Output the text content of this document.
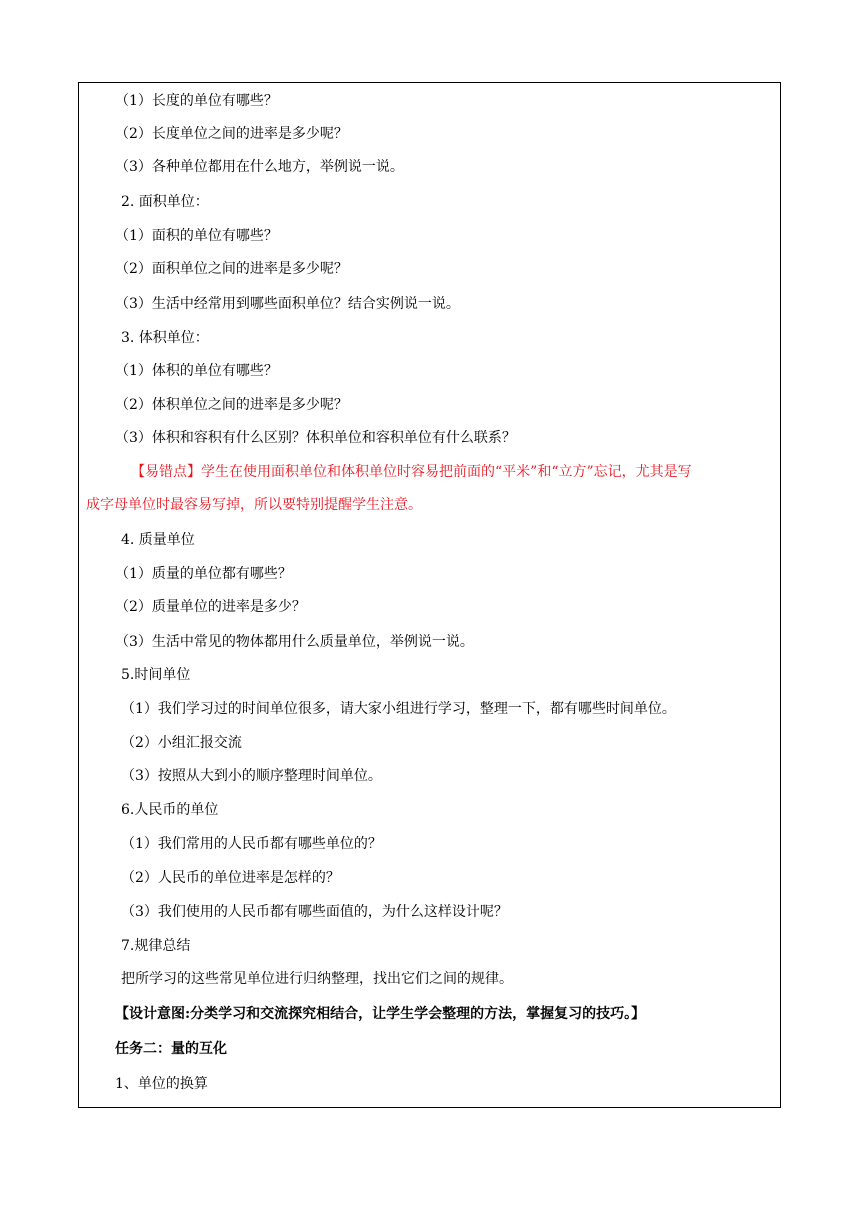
（1）长度的单位有哪些？
（2）长度单位之间的进率是多少呢？
（3）各种单位都用在什么地方，举例说一说。
2. 面积单位：
（1）面积的单位有哪些？
（2）面积单位之间的进率是多少呢？
（3）生活中经常用到哪些面积单位？结合实例说一说。
3. 体积单位：
（1）体积的单位有哪些？
（2）体积单位之间的进率是多少呢？
（3）体积和容积有什么区别？体积单位和容积单位有什么联系？
【易错点】学生在使用面积单位和体积单位时容易把前面的“平米”和“立方”忘记，尤其是写
成字母单位时最容易写掉，所以要特别提醒学生注意。
4. 质量单位
（1）质量的单位都有哪些？
（2）质量单位的进率是多少？
（3）生活中常见的物体都用什么质量单位，举例说一说。
5.时间单位
（1）我们学习过的时间单位很多，请大家小组进行学习，整理一下，都有哪些时间单位。
（2）小组汇报交流
（3）按照从大到小的顺序整理时间单位。
6.人民币的单位
（1）我们常用的人民币都有哪些单位的？
（2）人民币的单位进率是怎样的？
（3）我们使用的人民币都有哪些面值的，为什么这样设计呢？
7.规律总结
把所学习的这些常见单位进行归纳整理，找出它们之间的规律。
【设计意图:分类学习和交流探究相结合，让学生学会整理的方法，掌握复习的技巧。】
任务二：量的互化
1、单位的换算
